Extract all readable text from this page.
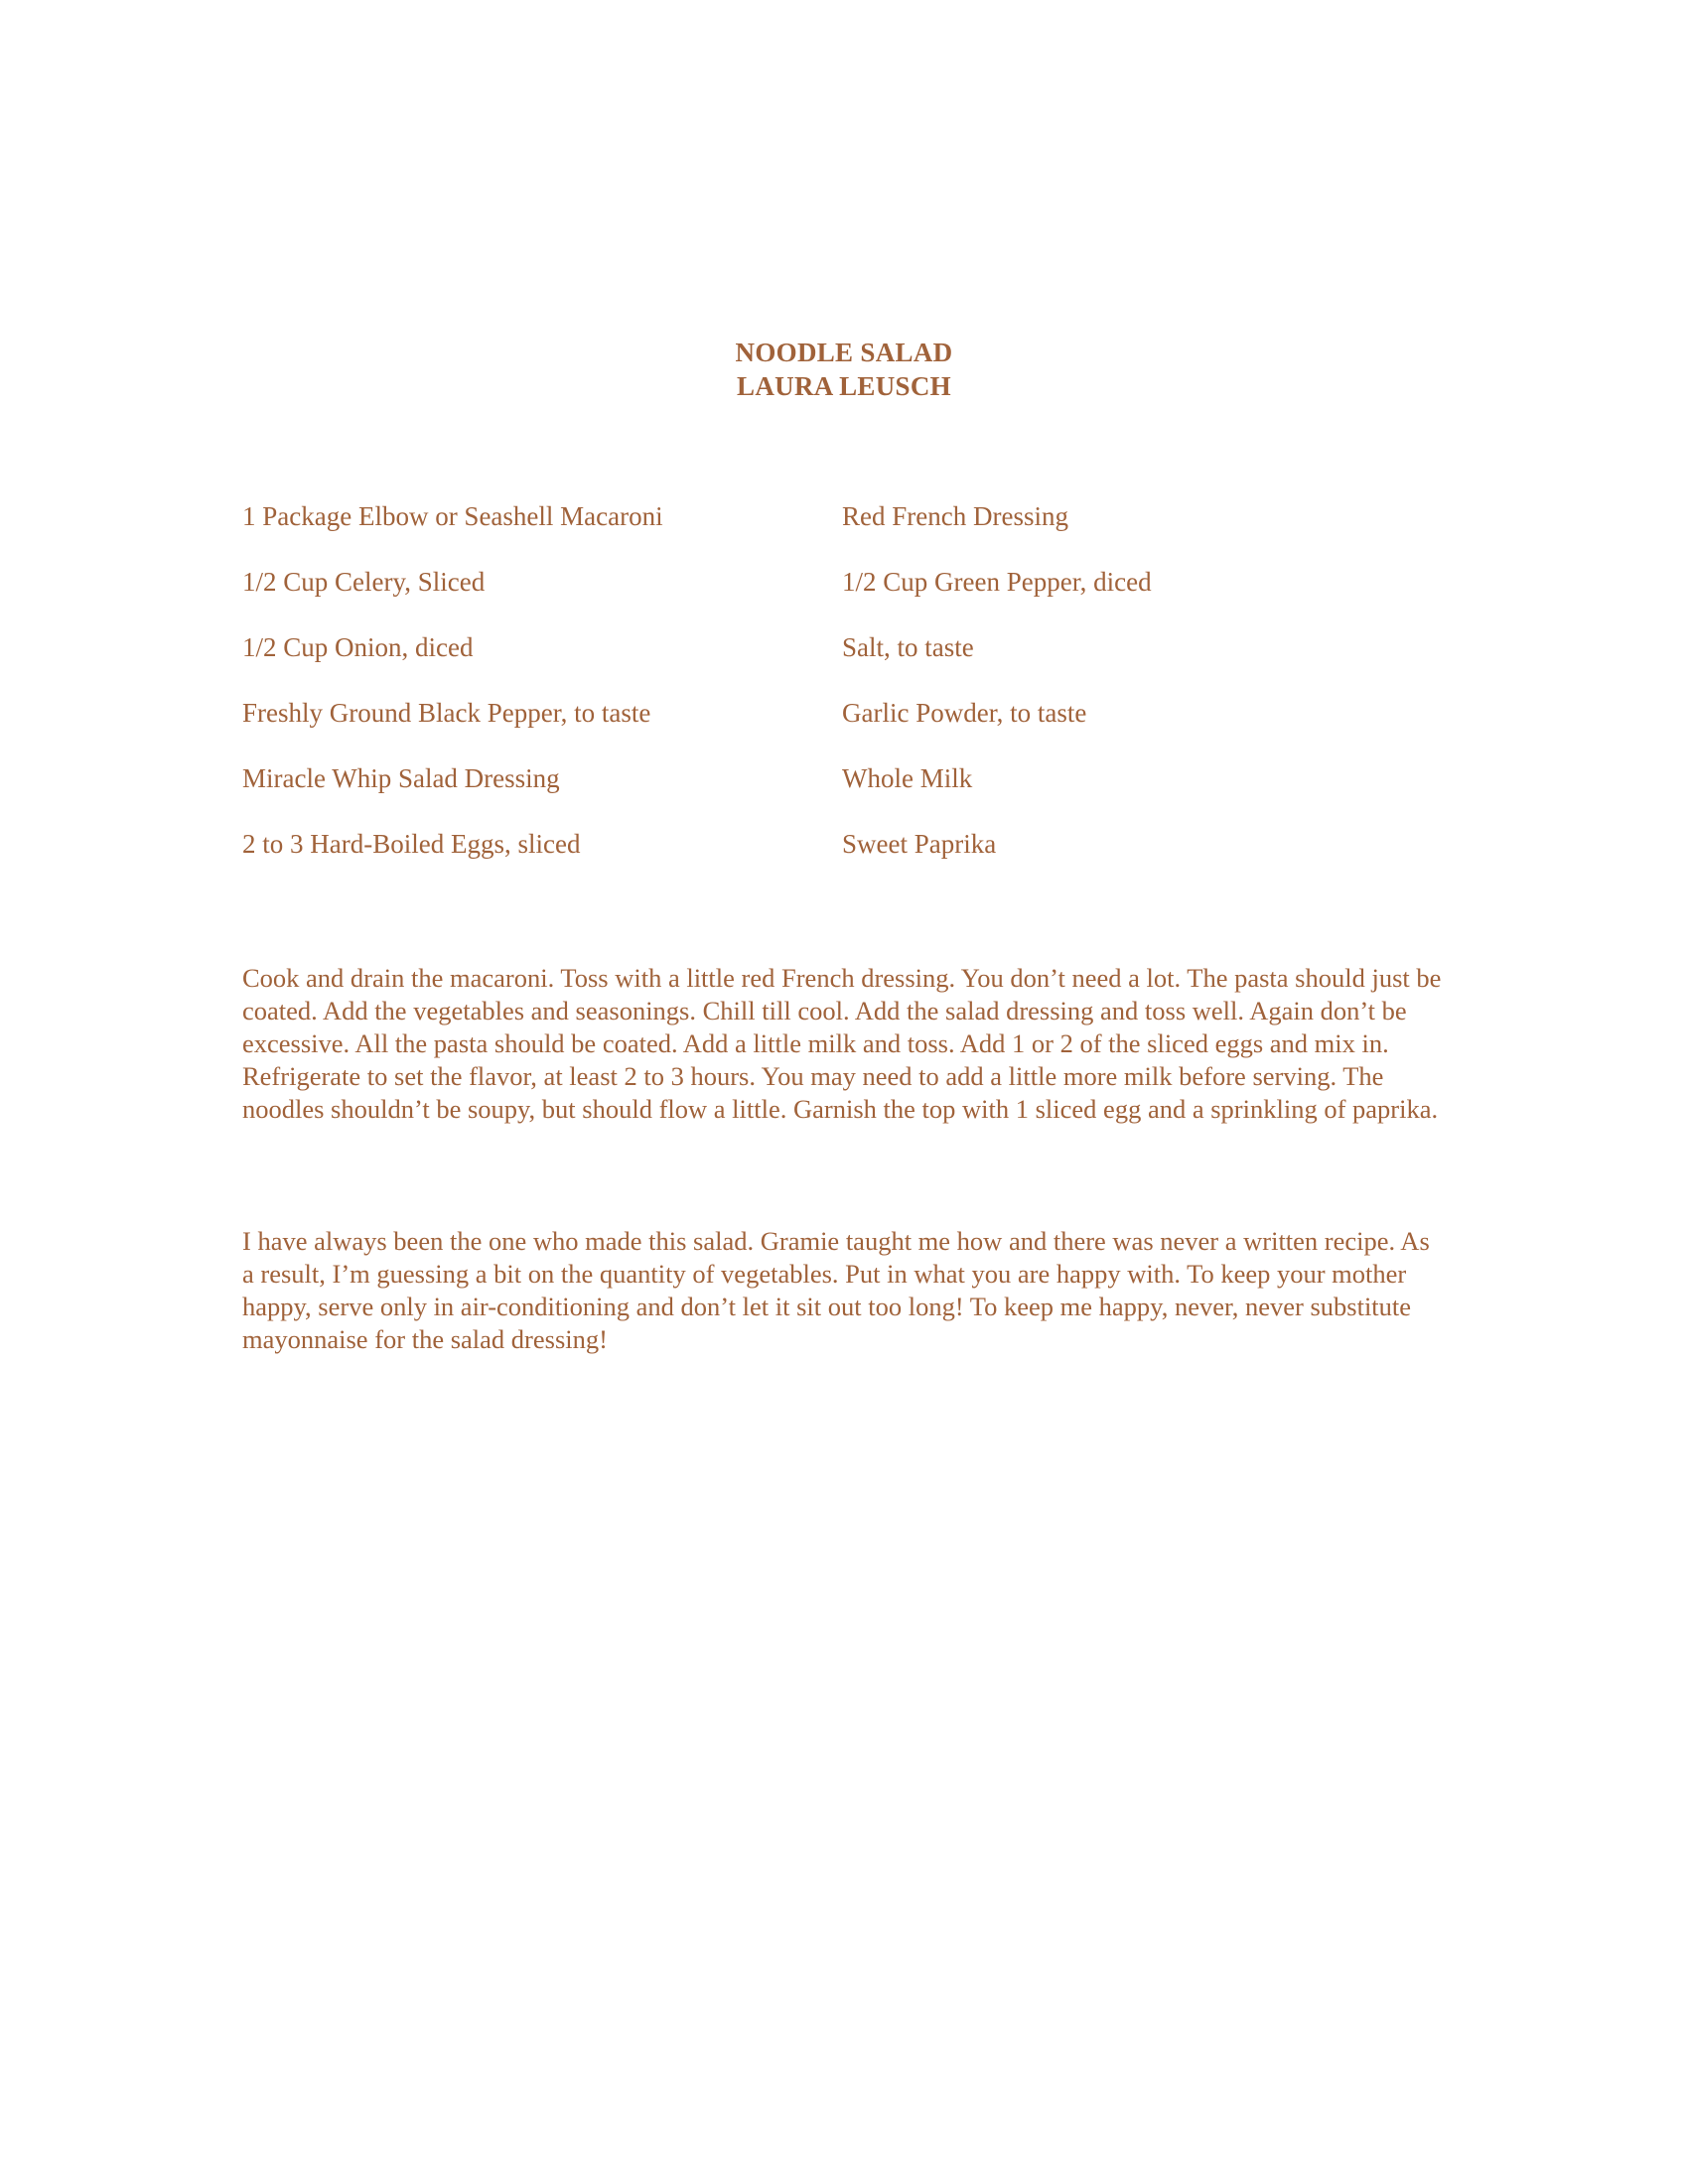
NOODLE SALAD
LAURA LEUSCH
1 Package Elbow or Seashell Macaroni
1/2 Cup Celery, Sliced
1/2 Cup Onion, diced
Freshly Ground Black Pepper, to taste
Miracle Whip Salad Dressing
2 to 3 Hard-Boiled Eggs, sliced
Red French Dressing
1/2 Cup Green Pepper, diced
Salt, to taste
Garlic Powder, to taste
Whole Milk
Sweet Paprika

Cook and drain the macaroni. Toss with a little red French dressing. You don’t need a lot. The pasta should just be coated. Add the vegetables and seasonings. Chill till cool. Add the salad dressing and toss well. Again don’t be excessive. All the pasta should be coated. Add a little milk and toss. Add 1 or 2 of the sliced eggs and mix in. Refrigerate to set the flavor, at least 2 to 3 hours. You may need to add a little more milk before serving. The noodles shouldn’t be soupy, but should flow a little. Garnish the top with 1 sliced egg and a sprinkling of paprika.

I have always been the one who made this salad. Gramie taught me how and there was never a written recipe. As a result, I’m guessing a bit on the quantity of vegetables. Put in what you are happy with. To keep your mother happy, serve only in air-conditioning and don’t let it sit out too long! To keep me happy, never, never substitute mayonnaise for the salad dressing!
